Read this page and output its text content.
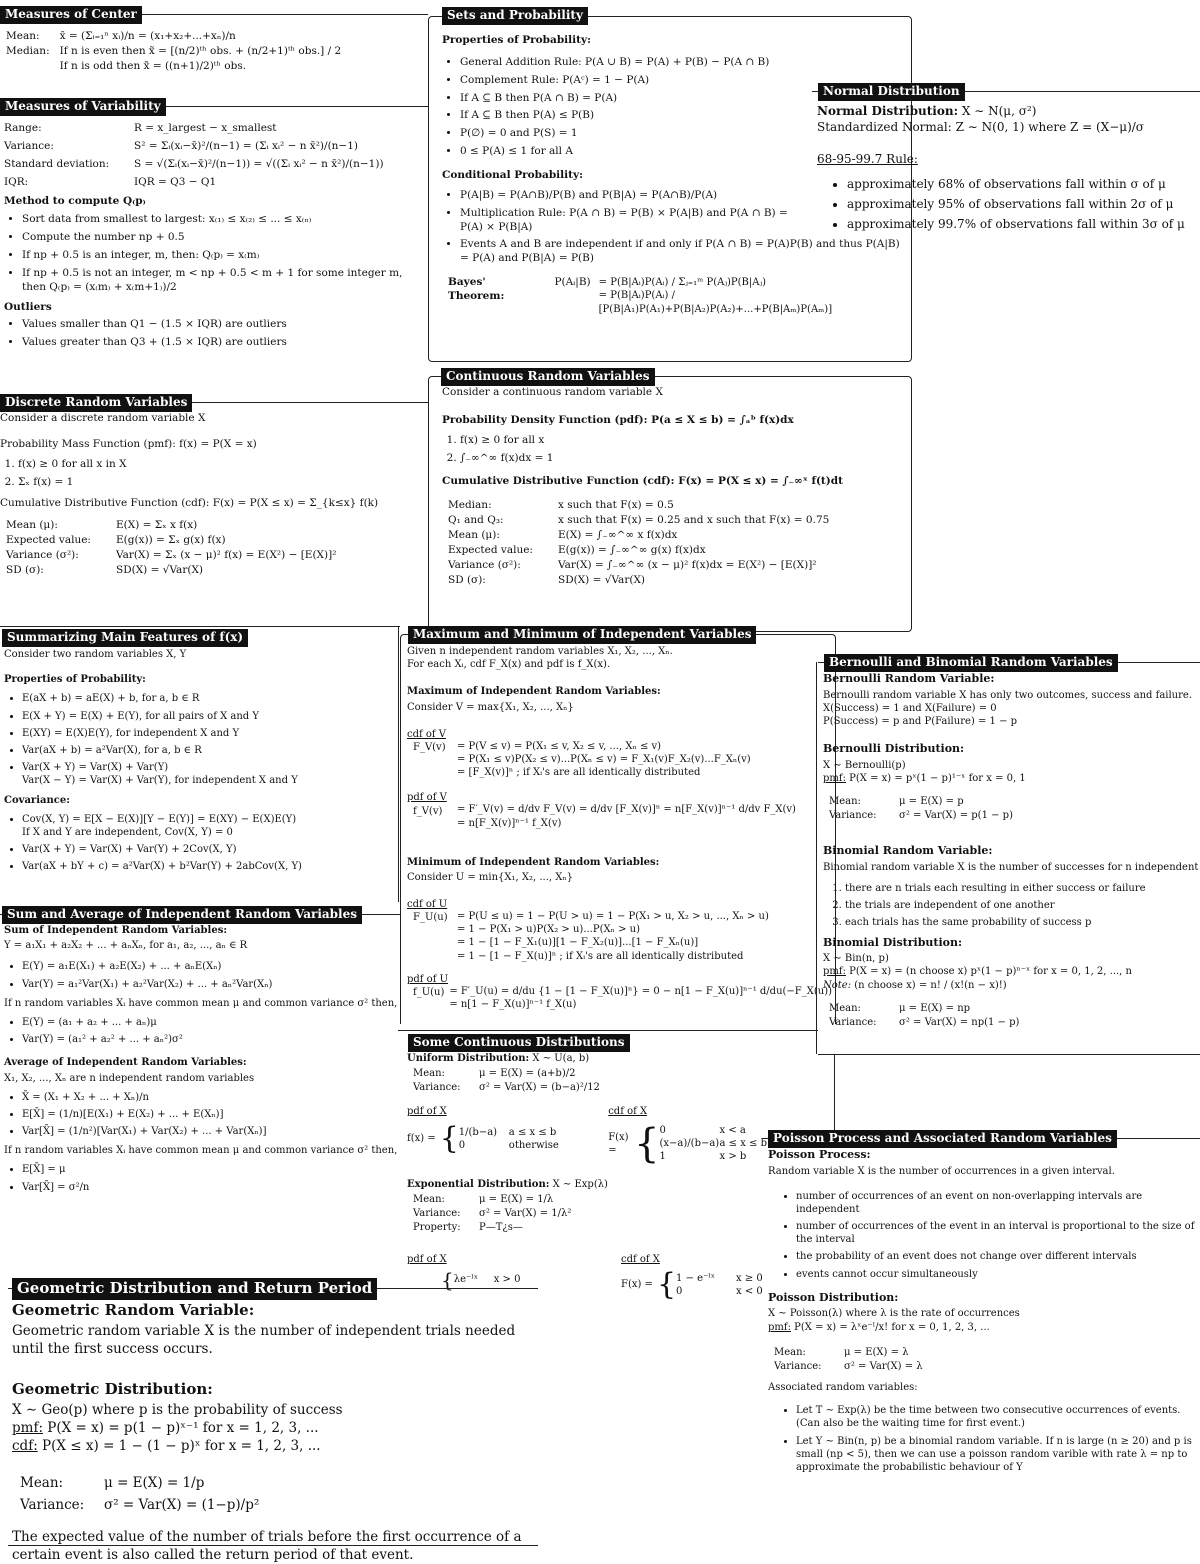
Measures of Center
Mean:	x̄ = (Σᵢ₌₁ⁿ xᵢ)/n = (x₁+x₂+...+xₙ)/n
Median: If n is even then x̃ = [(n/2)ᵗʰ obs. + (n/2+1)ᵗʰ obs.] / 2
If n is odd then x̃ = ((n+1)/2)ᵗʰ obs.
Measures of Variability
Range:	R = x_largest − x_smallest
Variance:	S² = Σᵢ(xᵢ−x̄)²/(n−1) = (Σᵢ xᵢ² − n x̄²)/(n−1)
Standard deviation:	S = √(Σᵢ(xᵢ−x̄)²/(n−1)) = √((Σᵢ xᵢ² − n x̄²)/(n−1))
IQR:	IQR = Q3 − Q1
Method to compute Q₍p₎
• Sort data from smallest to largest: x₍₁₎ ≤ x₍₂₎ ≤ ... ≤ x₍ₙ₎
• Compute the number np + 0.5
• If np + 0.5 is an integer, m, then: Q₍p₎ = x₍m₎
• If np + 0.5 is not an integer, m < np + 0.5 < m + 1 for some integer m, then Q₍p₎ = (x₍m₎ + x₍m+1₎)/2
Outliers
• Values smaller than Q1 − (1.5 × IQR) are outliers
• Values greater than Q3 + (1.5 × IQR) are outliers
Discrete Random Variables
Consider a discrete random variable X
Probability Mass Function (pmf): f(x) = P(X = x)
1. f(x) ≥ 0 for all x in X
2. Σₓ f(x) = 1
Cumulative Distributive Function (cdf): F(x) = P(X ≤ x) = Σ_{k≤x} f(k)
Mean (μ):	E(X) = Σₓ x f(x)
Expected value:	E(g(x)) = Σₓ g(x) f(x)
Variance (σ²):	Var(X) = Σₓ (x − μ)² f(x) = E(X²) − [E(X)]²
SD (σ):	SD(X) = √Var(X)
Sets and Probability
Properties of Probability:
• General Addition Rule: P(A ∪ B) = P(A) + P(B) − P(A ∩ B)
• Complement Rule: P(Aᶜ) = 1 − P(A)
• If A ⊆ B then P(A ∩ B) = P(A)
• If A ⊆ B then P(A) ≤ P(B)
• P(∅) = 0 and P(S) = 1
• 0 ≤ P(A) ≤ 1 for all A
Conditional Probability:
• P(A|B) = P(A∩B)/P(B) and P(B|A) = P(A∩B)/P(A)
• Multiplication Rule: P(A ∩ B) = P(B) × P(A|B) and P(A ∩ B) = P(A) × P(B|A)
• Events A and B are independent if and only if P(A ∩ B) = P(A)P(B) and thus P(A|B) = P(A) and P(B|A) = P(B)
Bayes' Theorem:
P(Aᵢ|B) = P(B|Aᵢ)P(Aᵢ) / Σⱼ₌₁ᵐ P(Aⱼ)P(B|Aⱼ)
= P(B|Aᵢ)P(Aᵢ) / [P(B|A₁)P(A₁)+P(B|A₂)P(A₂)+...+P(B|Aₘ)P(Aₘ)]
Normal Distribution
Normal Distribution: X ∼ N(μ, σ²)
Standardized Normal: Z ∼ N(0, 1) where Z = (X−μ)/σ
68-95-99.7 Rule:
• approximately 68% of observations fall within σ of μ
• approximately 95% of observations fall within 2σ of μ
• approximately 99.7% of observations fall within 3σ of μ
Continuous Random Variables
Consider a continuous random variable X
Probability Density Function (pdf): P(a ≤ X ≤ b) = ∫ₐᵇ f(x)dx
1. f(x) ≥ 0 for all x
2. ∫₋∞^∞ f(x)dx = 1
Cumulative Distributive Function (cdf): F(x) = P(X ≤ x) = ∫₋∞ˣ f(t)dt
Median:	x such that F(x) = 0.5
Q₁ and Q₃:	x such that F(x) = 0.25 and x such that F(x) = 0.75
Mean (μ):	E(X) = ∫₋∞^∞ x f(x)dx
Expected value:	E(g(x)) = ∫₋∞^∞ g(x) f(x)dx
Variance (σ²):	Var(X) = ∫₋∞^∞ (x − μ)² f(x)dx = E(X²) − [E(X)]²
SD (σ):	SD(X) = √Var(X)
Summarizing Main Features of f(x)
Consider two random variables X, Y
Properties of Probability:
• E(aX + b) = aE(X) + b, for a, b ∈ R
• E(X + Y) = E(X) + E(Y), for all pairs of X and Y
• E(XY) = E(X)E(Y), for independent X and Y
• Var(aX + b) = a²Var(X), for a, b ∈ R
• Var(X + Y) = Var(X) + Var(Y)
Var(X − Y) = Var(X) + Var(Y), for independent X and Y
Covariance:
• Cov(X, Y) = E[X − E(X)][Y − E(Y)] = E(XY) − E(X)E(Y)
If X and Y are independent, Cov(X, Y) = 0
• Var(X + Y) = Var(X) + Var(Y) + 2Cov(X, Y)
• Var(aX + bY + c) = a²Var(X) + b²Var(Y) + 2abCov(X, Y)
Sum and Average of Independent Random Variables
Sum of Independent Random Variables:
Y = a₁X₁ + a₂X₂ + ... + aₙXₙ, for a₁, a₂, ..., aₙ ∈ R
• E(Y) = a₁E(X₁) + a₂E(X₂) + ... + aₙE(Xₙ)
• Var(Y) = a₁²Var(X₁) + a₂²Var(X₂) + ... + aₙ²Var(Xₙ)
If n random variables Xᵢ have common mean μ and common variance σ² then,
• E(Y) = (a₁ + a₂ + ... + aₙ)μ
• Var(Y) = (a₁² + a₂² + ... + aₙ²)σ²
Average of Independent Random Variables:
X₁, X₂, ..., Xₙ are n independent random variables
• X̄ = (X₁ + X₂ + ... + Xₙ)/n
• E[X̄] = (1/n)[E(X₁) + E(X₂) + ... + E(Xₙ)]
• Var[X̄] = (1/n²)[Var(X₁) + Var(X₂) + ... + Var(Xₙ)]
If n random variables Xᵢ have common mean μ and common variance σ² then,
• E[X̄] = μ
• Var[X̄] = σ²/n
Maximum and Minimum of Independent Variables
Given n independent random variables X₁, X₂, ..., Xₙ.
For each Xᵢ, cdf F_X(x) and pdf is f_X(x).
Maximum of Independent Random Variables:
Consider V = max{X₁, X₂, ..., Xₙ}
cdf of V
F_V(v)	= P(V ≤ v) = P(X₁ ≤ v, X₂ ≤ v, ..., Xₙ ≤ v)
= P(X₁ ≤ v)P(X₂ ≤ v)...P(Xₙ ≤ v) = F_X₁(v)F_X₂(v)...F_Xₙ(v)
= [F_X(v)]ⁿ ; if Xᵢ's are all identically distributed
pdf of V
f_V(v)	= F′_V(v) = d/dv F_V(v) = d/dv [F_X(v)]ⁿ = n[F_X(v)]ⁿ⁻¹ d/dv F_X(v)
= n[F_X(v)]ⁿ⁻¹ f_X(v)
Minimum of Independent Random Variables:
Consider U = min{X₁, X₂, ..., Xₙ}
cdf of U
F_U(u) = P(U ≤ u) = 1 − P(U > u) = 1 − P(X₁ > u, X₂ > u, ..., Xₙ > u)
= 1 − P(X₁ > u)P(X₂ > u)...P(Xₙ > u)
= 1 − [1 − F_X₁(u)][1 − F_X₂(u)]...[1 − F_Xₙ(u)]
= 1 − [1 − F_X(u)]ⁿ ; if Xᵢ's are all identically distributed
pdf of U
f_U(u) = F′_U(u) = d/du {1 − [1 − F_X(u)]ⁿ} = 0 − n[1 − F_X(u)]ⁿ⁻¹ d/du(−F_X(u))
= n[1 − F_X(u)]ⁿ⁻¹ f_X(u)
Bernoulli and Binomial Random Variables
Bernoulli Random Variable:
Bernoulli random variable X has only two outcomes, success and failure.
X(Success) = 1 and X(Failure) = 0
P(Success) = p and P(Failure) = 1 − p
Bernoulli Distribution:
X ∼ Bernoulli(p)
pmf: P(X = x) = pˣ(1 − p)¹⁻ˣ for x = 0, 1
Mean:	μ = E(X) = p
Variance:	σ² = Var(X) = p(1 − p)
Binomial Random Variable:
Binomial random variable X is the number of successes for n independent
1. there are n trials each resulting in either success or failure
2. the trials are independent of one another
3. each trials has the same probability of success p
Binomial Distribution:
X ∼ Bin(n, p)
pmf: P(X = x) = (n choose x) pˣ(1 − p)ⁿ⁻ˣ for x = 0, 1, 2, ..., n
Note: (n choose x) = n! / (x!(n − x)!)
Mean:	μ = E(X) = np
Variance:	σ² = Var(X) = np(1 − p)
Some Continuous Distributions
Uniform Distribution: X ∼ U(a, b)
Mean:	μ = E(X) = (a+b)/2
Variance:	σ² = Var(X) = (b−a)²/12
pdf of X
f(x) = { 1/(b−a)	a ≤ x ≤ b
0	otherwise
cdf of X
F(x) = { 0	x < a
(x−a)/(b−a) a ≤ x ≤ b
1	x > b
Exponential Distribution: X ∼ Exp(λ)
Mean:	μ = E(X) = 1/λ
Variance:	σ² = Var(X) = 1/λ²
Property:	P—T¿s—
pdf of X
{ λe⁻ˡˣ	x > 0
cdf of X
F(x) = { 1 − e⁻ˡˣ	x ≥ 0
0	x < 0
Poisson Process and Associated Random Variables
Poisson Process:
Random variable X is the number of occurrences in a given interval.
• number of occurrences of an event on non-overlapping intervals are independent
• number of occurrences of the event in an interval is proportional to the size of the interval
• the probability of an event does not change over different intervals
• events cannot occur simultaneously
Poisson Distribution:
X ∼ Poisson(λ) where λ is the rate of occurrences
pmf: P(X = x) = λˣe⁻ˡ/x! for x = 0, 1, 2, 3, ...
Mean:	μ = E(X) = λ
Variance:	σ² = Var(X) = λ
Associated random variables:
• Let T ∼ Exp(λ) be the time between two consecutive occurrences of events. (Can also be the waiting time for first event.)
• Let Y ∼ Bin(n, p) be a binomial random variable. If n is large (n ≥ 20) and p is small (np < 5), then we can use a poisson random varible with rate λ = np to approximate the probabilistic behaviour of Y
Geometric Distribution and Return Period
Geometric Random Variable:
Geometric random variable X is the number of independent trials needed until the first success occurs.
Geometric Distribution:
X ∼ Geo(p) where p is the probability of success
pmf: P(X = x) = p(1 − p)ˣ⁻¹ for x = 1, 2, 3, ...
cdf: P(X ≤ x) = 1 − (1 − p)ˣ for x = 1, 2, 3, ...
Mean:	μ = E(X) = 1/p
Variance:	σ² = Var(X) = (1−p)/p²
The expected value of the number of trials before the first occurrence of a certain event is also called the return period of that event.
